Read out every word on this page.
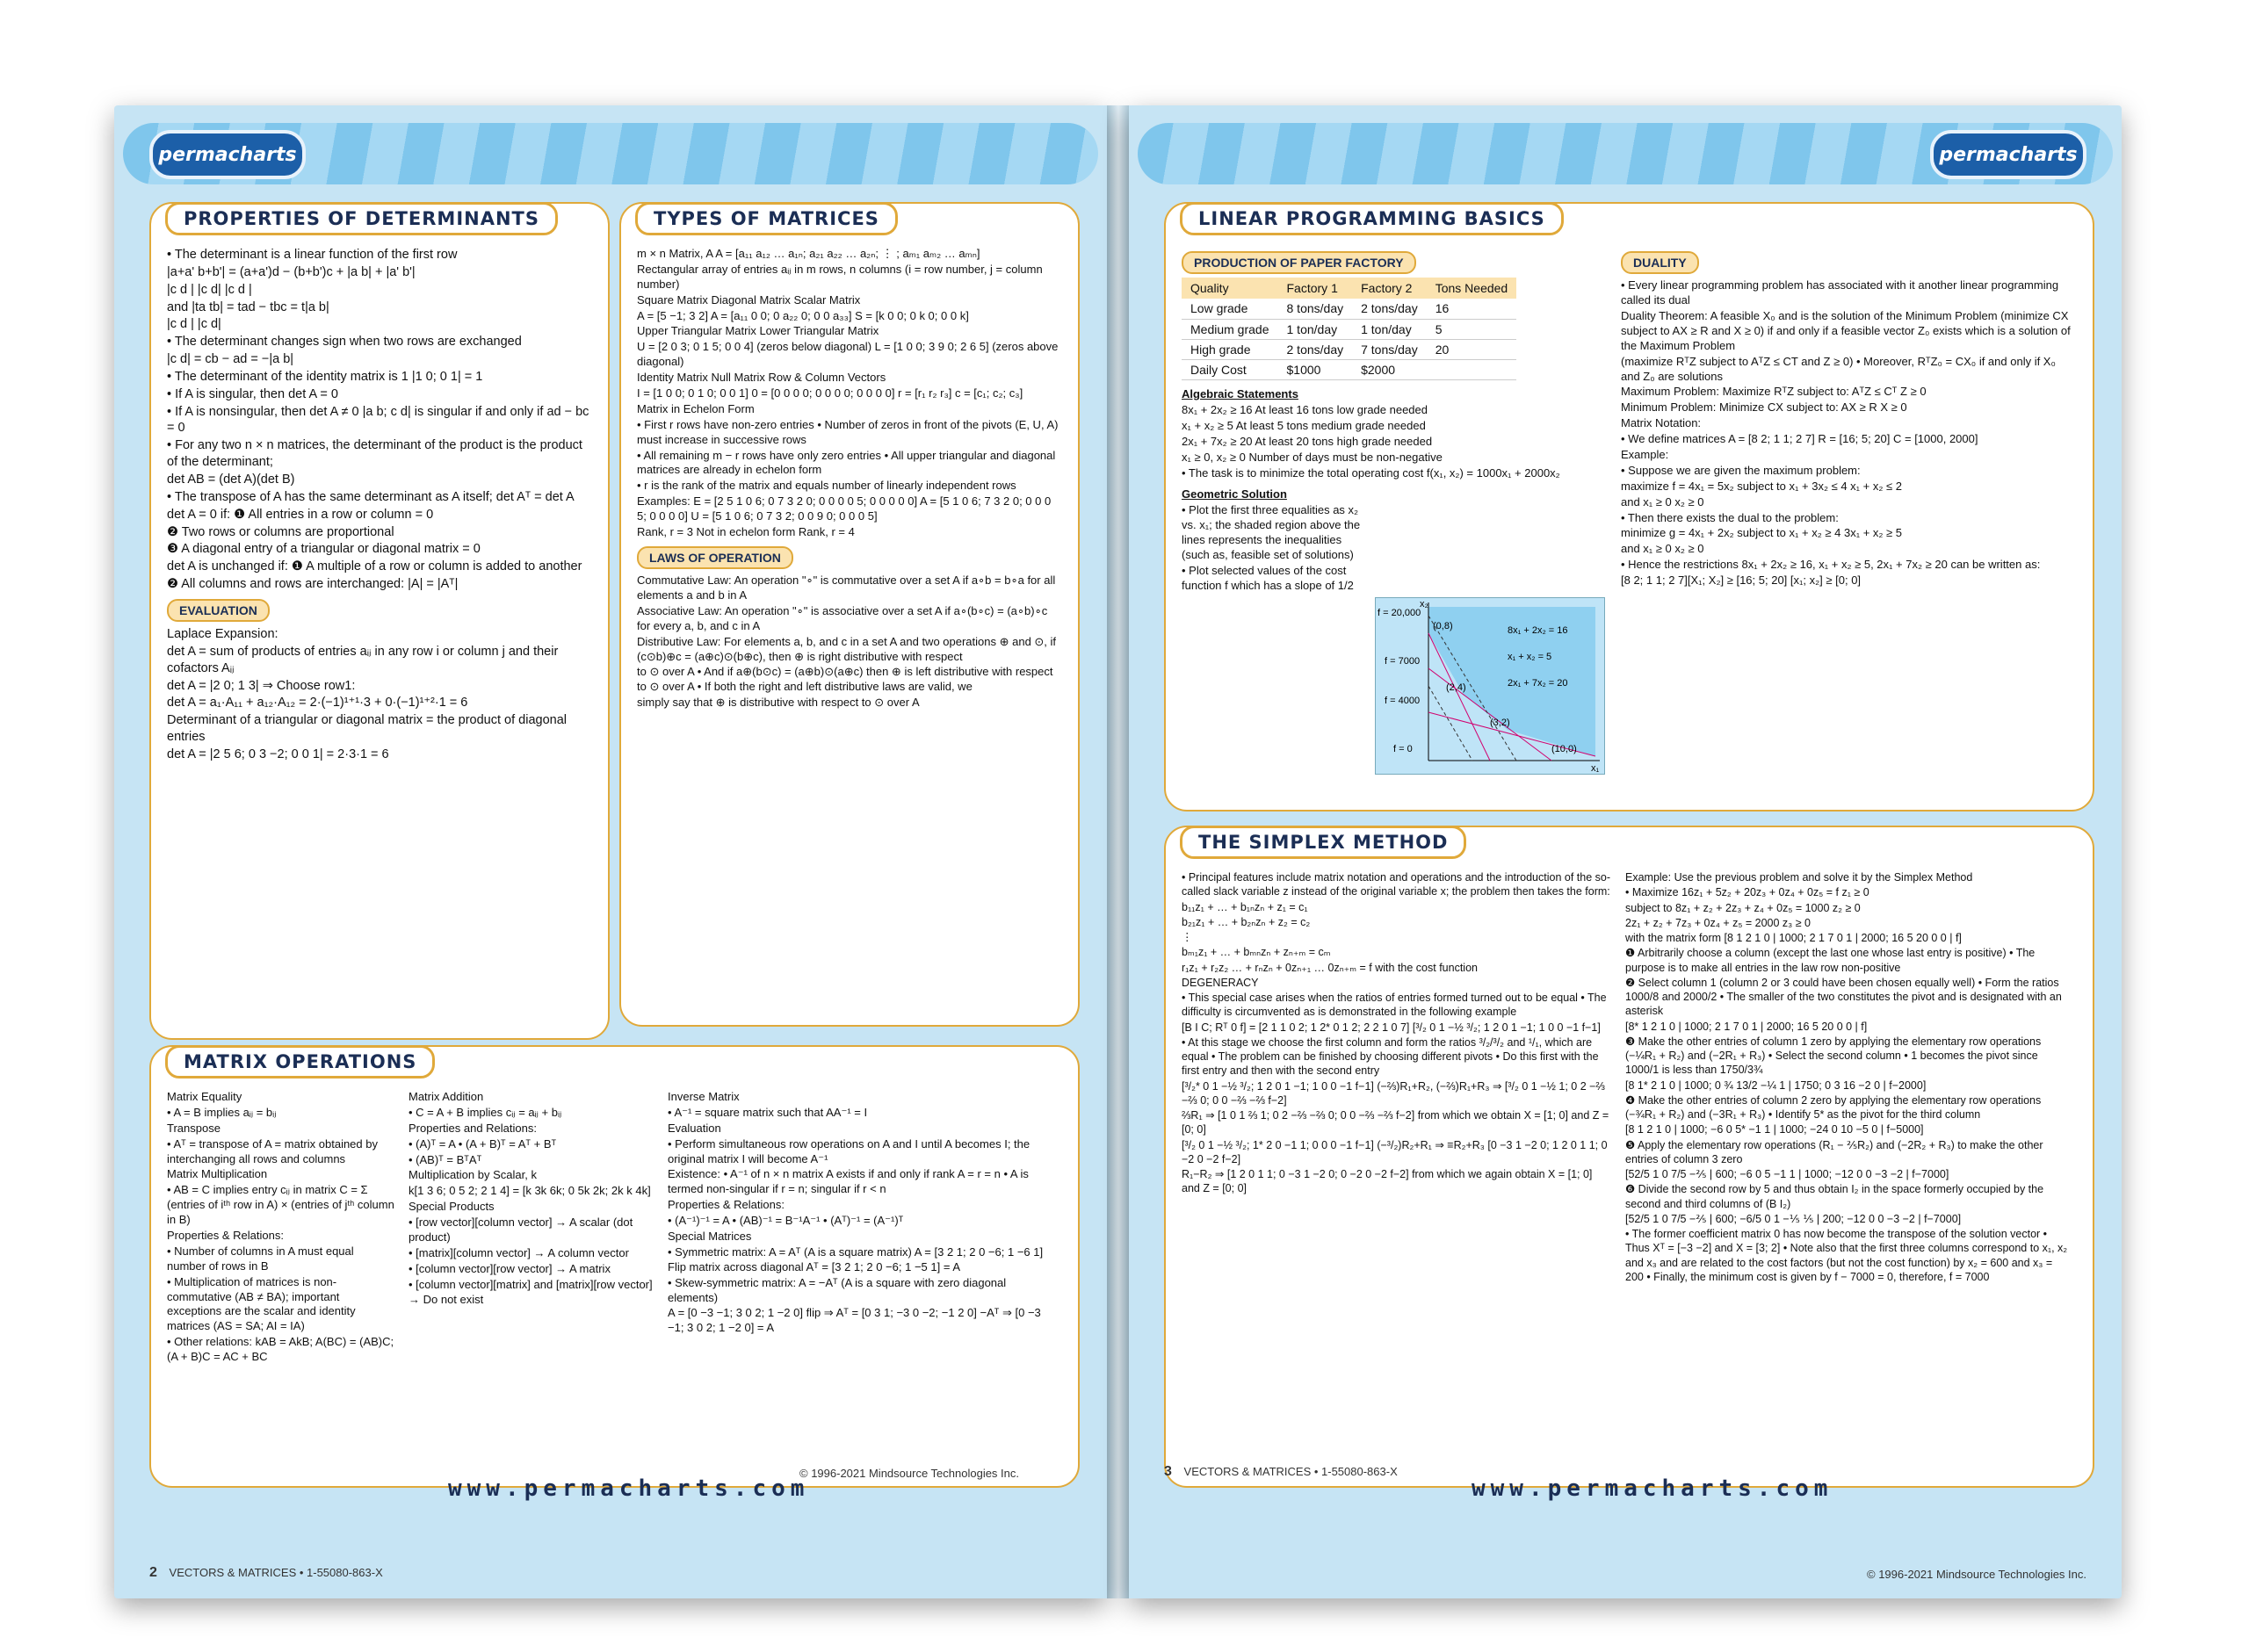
permacharts
PROPERTIES OF DETERMINANTS
• The determinant is a linear function of the first row
|a+a' b+b'| = (a+a')d − (b+b')c + |a b| + |a' b'|
|c d | |c d| |c d |
and |ta tb| = tad − tbc = t|a b|
|c d | |c d|
• The determinant changes sign when two rows are exchanged
|c d| = cb − ad = −|a b|
• The determinant of the identity matrix is 1 |1 0; 0 1| = 1
• If A is singular, then det A = 0
• If A is nonsingular, then det A ≠ 0 |a b; c d| is singular if and only if ad − bc = 0
• For any two n × n matrices, the determinant of the product is the product of the determinant;
det AB = (det A)(det B)
• The transpose of A has the same determinant as A itself; det Aᵀ = det A
det A = 0 if: ❶ All entries in a row or column = 0
❷ Two rows or columns are proportional
❸ A diagonal entry of a triangular or diagonal matrix = 0
det A is unchanged if: ❶ A multiple of a row or column is added to another
❷ All columns and rows are interchanged: |A| = |Aᵀ|
EVALUATION
Laplace Expansion:
det A = sum of products of entries aᵢⱼ in any row i or column j and their cofactors Aᵢⱼ
det A = |2 0; 1 3| ⇒ Choose row1:
det A = a₁·A₁₁ + a₁₂·A₁₂ = 2·(−1)¹⁺¹·3 + 0·(−1)¹⁺²·1 = 6
Determinant of a triangular or diagonal matrix = the product of diagonal entries
det A = |2 5 6; 0 3 −2; 0 0 1| = 2·3·1 = 6
TYPES OF MATRICES
m × n Matrix, A A = [a₁₁ a₁₂ … a₁ₙ; a₂₁ a₂₂ … a₂ₙ; ⋮ ; aₘ₁ aₘ₂ … aₘₙ]
Rectangular array of entries aᵢⱼ in m rows, n columns (i = row number, j = column number)
Square Matrix Diagonal Matrix Scalar Matrix
A = [5 −1; 3 2] A = [a₁₁ 0 0; 0 a₂₂ 0; 0 0 a₃₃] S = [k 0 0; 0 k 0; 0 0 k]
Upper Triangular Matrix Lower Triangular Matrix
U = [2 0 3; 0 1 5; 0 0 4] (zeros below diagonal) L = [1 0 0; 3 9 0; 2 6 5] (zeros above diagonal)
Identity Matrix Null Matrix Row & Column Vectors
I = [1 0 0; 0 1 0; 0 0 1] 0 = [0 0 0 0; 0 0 0 0; 0 0 0 0] r = [r₁ r₂ r₃] c = [c₁; c₂; c₃]
Matrix in Echelon Form
• First r rows have non-zero entries • Number of zeros in front of the pivots (E, U, A) must increase in successive rows
• All remaining m − r rows have only zero entries • All upper triangular and diagonal matrices are already in echelon form
• r is the rank of the matrix and equals number of linearly independent rows
Examples: E = [2 5 1 0 6; 0 7 3 2 0; 0 0 0 0 5; 0 0 0 0 0] A = [5 1 0 6; 7 3 2 0; 0 0 0 5; 0 0 0 0] U = [5 1 0 6; 0 7 3 2; 0 0 9 0; 0 0 0 5]
Rank, r = 3 Not in echelon form Rank, r = 4
LAWS OF OPERATION
Commutative Law: An operation "∘" is commutative over a set A if a∘b = b∘a for all elements a and b in A
Associative Law: An operation "∘" is associative over a set A if a∘(b∘c) = (a∘b)∘c for every a, b, and c in A
Distributive Law: For elements a, b, and c in a set A and two operations ⊕ and ⊙, if (c⊙b)⊕c = (a⊕c)⊙(b⊕c), then ⊕ is right distributive with respect
to ⊙ over A • And if a⊕(b⊙c) = (a⊕b)⊙(a⊕c) then ⊕ is left distributive with respect to ⊙ over A • If both the right and left distributive laws are valid, we
simply say that ⊕ is distributive with respect to ⊙ over A
MATRIX OPERATIONS
Matrix Equality
• A = B implies aᵢⱼ = bᵢⱼ
Transpose
• Aᵀ = transpose of A = matrix obtained by interchanging all rows and columns
Matrix Multiplication
• AB = C implies entry cᵢⱼ in matrix C = Σ (entries of iᵗʰ row in A) × (entries of jᵗʰ column in B)
Properties & Relations:
• Number of columns in A must equal number of rows in B
• Multiplication of matrices is non-commutative (AB ≠ BA); important exceptions are the scalar and identity matrices (AS = SA; AI = IA)
• Other relations: kAB = AkB; A(BC) = (AB)C; (A + B)C = AC + BC
Matrix Addition
• C = A + B implies cᵢⱼ = aᵢⱼ + bᵢⱼ
Properties and Relations:
• (A)ᵀ = A • (A + B)ᵀ = Aᵀ + Bᵀ
• (AB)ᵀ = BᵀAᵀ
Multiplication by Scalar, k
k[1 3 6; 0 5 2; 2 1 4] = [k 3k 6k; 0 5k 2k; 2k k 4k]
Special Products
• [row vector][column vector] → A scalar (dot product)
• [matrix][column vector] → A column vector
• [column vector][row vector] → A matrix
• [column vector][matrix] and [matrix][row vector] → Do not exist
Inverse Matrix
• A⁻¹ = square matrix such that AA⁻¹ = I
Evaluation
• Perform simultaneous row operations on A and I until A becomes I; the original matrix I will become A⁻¹
Existence: • A⁻¹ of n × n matrix A exists if and only if rank A = r = n • A is termed non-singular if r = n; singular if r < n
Properties & Relations:
• (A⁻¹)⁻¹ = A • (AB)⁻¹ = B⁻¹A⁻¹ • (Aᵀ)⁻¹ = (A⁻¹)ᵀ
Special Matrices
• Symmetric matrix: A = Aᵀ (A is a square matrix) A = [3 2 1; 2 0 −6; 1 −6 1] Flip matrix across diagonal Aᵀ = [3 2 1; 2 0 −6; 1 −5 1] = A
• Skew-symmetric matrix: A = −Aᵀ (A is a square with zero diagonal elements)
A = [0 −3 −1; 3 0 2; 1 −2 0] flip ⇒ Aᵀ = [0 3 1; −3 0 −2; −1 2 0] −Aᵀ ⇒ [0 −3 −1; 3 0 2; 1 −2 0] = A
www.permacharts.com
2 VECTORS & MATRICES • 1-55080-863-X
© 1996-2021 Mindsource Technologies Inc.
permacharts
LINEAR PROGRAMMING BASICS
PRODUCTION OF PAPER FACTORY
Quality	Factory 1	Factory 2	Tons Needed
Low grade	8 tons/day	2 tons/day	16
Medium grade	1 ton/day	1 ton/day	5
High grade	2 tons/day	7 tons/day	20
Daily Cost	$1000	$2000	
Algebraic Statements
8x₁ + 2x₂ ≥ 16 At least 16 tons low grade needed
x₁ + x₂ ≥ 5 At least 5 tons medium grade needed
2x₁ + 7x₂ ≥ 20 At least 20 tons high grade needed
x₁ ≥ 0, x₂ ≥ 0 Number of days must be non-negative
• The task is to minimize the total operating cost f(x₁, x₂) = 1000x₁ + 2000x₂
Geometric Solution
• Plot the first three equalities as x₂ vs. x₁; the shaded region above the lines represents the inequalities (such as, feasible set of solutions)
• Plot selected values of the cost function f which has a slope of 1/2
f = 20,000
f = 7000
f = 4000
f = 0
(0,8)
(2,4)
(3,2)
(10,0)
8x₁ + 2x₂ = 16
x₁ + x₂ = 5
2x₁ + 7x₂ = 20
x₂
x₁
DUALITY
• Every linear programming problem has associated with it another linear programming called its dual
Duality Theorem: A feasible X₀ and is the solution of the Minimum Problem (minimize CX subject to AX ≥ R and X ≥ 0) if and only if a feasible vector Z₀ exists which is a solution of the Maximum Problem
(maximize RᵀZ subject to AᵀZ ≤ CT and Z ≥ 0) • Moreover, RᵀZ₀ = CX₀ if and only if X₀ and Z₀ are solutions
Maximum Problem: Maximize RᵀZ subject to: AᵀZ ≤ Cᵀ Z ≥ 0
Minimum Problem: Minimize CX subject to: AX ≥ R X ≥ 0
Matrix Notation:
• We define matrices A = [8 2; 1 1; 2 7] R = [16; 5; 20] C = [1000, 2000]
Example:
• Suppose we are given the maximum problem:
maximize f = 4x₁ = 5x₂ subject to x₁ + 3x₂ ≤ 4 x₁ + x₂ ≤ 2
and x₁ ≥ 0 x₂ ≥ 0
• Then there exists the dual to the problem:
minimize g = 4x₁ + 2x₂ subject to x₁ + x₂ ≥ 4 3x₁ + x₂ ≥ 5
and x₁ ≥ 0 x₂ ≥ 0
• Hence the restrictions 8x₁ + 2x₂ ≥ 16, x₁ + x₂ ≥ 5, 2x₁ + 7x₂ ≥ 20 can be written as:
[8 2; 1 1; 2 7][X₁; X₂] ≥ [16; 5; 20] [x₁; x₂] ≥ [0; 0]
THE SIMPLEX METHOD
• Principal features include matrix notation and operations and the introduction of the so-called slack variable z instead of the original variable x; the problem then takes the form:
b₁₁z₁ + … + b₁ₙzₙ + z₁ = c₁
b₂₁z₁ + … + b₂ₙzₙ + z₂ = c₂
⋮
bₘ₁z₁ + … + bₘₙzₙ + zₙ₊ₘ = cₘ
r₁z₁ + r₂z₂ … + rₙzₙ + 0zₙ₊₁ … 0zₙ₊ₘ = f with the cost function
DEGENERACY
• This special case arises when the ratios of entries formed turned out to be equal • The difficulty is circumvented as is demonstrated in the following example
[B I C; Rᵀ 0 f] = [2 1 1 0 2; 1 2* 0 1 2; 2 2 1 0 7] [³/₂ 0 1 −½ ³/₂; 1 2 0 1 −1; 1 0 0 −1 f−1]
• At this stage we choose the first column and form the ratios ³/₂/³/₂ and ¹/₁, which are equal • The problem can be finished by choosing different pivots • Do this first with the first entry and then with the second entry
[³/₂* 0 1 −½ ³/₂; 1 2 0 1 −1; 1 0 0 −1 f−1] (−⅔)R₁+R₂, (−⅔)R₁+R₃ ⇒ [³/₂ 0 1 −½ 1; 0 2 −⅔ −⅔ 0; 0 0 −⅔ −⅔ f−2]
⅔R₁ ⇒ [1 0 1 ⅔ 1; 0 2 −⅔ −⅔ 0; 0 0 −⅔ −⅔ f−2] from which we obtain X = [1; 0] and Z = [0; 0]
[³/₂ 0 1 −½ ³/₂; 1* 2 0 −1 1; 0 0 0 −1 f−1] (−³/₂)R₂+R₁ ⇒ ≡R₂+R₃ [0 −3 1 −2 0; 1 2 0 1 1; 0 −2 0 −2 f−2]
R₁−R₂ ⇒ [1 2 0 1 1; 0 −3 1 −2 0; 0 −2 0 −2 f−2] from which we again obtain X = [1; 0] and Z = [0; 0]
Example: Use the previous problem and solve it by the Simplex Method
• Maximize 16z₁ + 5z₂ + 20z₃ + 0z₄ + 0z₅ = f z₁ ≥ 0
subject to 8z₁ + z₂ + 2z₃ + z₄ + 0z₅ = 1000 z₂ ≥ 0
2z₁ + z₂ + 7z₃ + 0z₄ + z₅ = 2000 z₃ ≥ 0
with the matrix form [8 1 2 1 0 | 1000; 2 1 7 0 1 | 2000; 16 5 20 0 0 | f]
❶ Arbitrarily choose a column (except the last one whose last entry is positive) • The purpose is to make all entries in the law row non-positive
❷ Select column 1 (column 2 or 3 could have been chosen equally well) • Form the ratios 1000/8 and 2000/2 • The smaller of the two constitutes the pivot and is designated with an asterisk
[8* 1 2 1 0 | 1000; 2 1 7 0 1 | 2000; 16 5 20 0 0 | f]
❸ Make the other entries of column 1 zero by applying the elementary row operations (−¼R₁ + R₂) and (−2R₁ + R₃) • Select the second column • 1 becomes the pivot since 1000/1 is less than 1750/3¾
[8 1* 2 1 0 | 1000; 0 ¾ 13/2 −¼ 1 | 1750; 0 3 16 −2 0 | f−2000]
❹ Make the other entries of column 2 zero by applying the elementary row operations (−¾R₁ + R₂) and (−3R₁ + R₃) • Identify 5* as the pivot for the third column
[8 1 2 1 0 | 1000; −6 0 5* −1 1 | 1000; −24 0 10 −5 0 | f−5000]
❺ Apply the elementary row operations (R₁ − ⅖R₂) and (−2R₂ + R₃) to make the other entries of column 3 zero
[52/5 1 0 7/5 −⅖ | 600; −6 0 5 −1 1 | 1000; −12 0 0 −3 −2 | f−7000]
❻ Divide the second row by 5 and thus obtain I₂ in the space formerly occupied by the second and third columns of (B I₂)
[52/5 1 0 7/5 −⅖ | 600; −6/5 0 1 −⅕ ⅕ | 200; −12 0 0 −3 −2 | f−7000]
• The former coefficient matrix 0 has now become the transpose of the solution vector • Thus Xᵀ = [−3 −2] and X = [3; 2] • Note also that the first three columns correspond to x₁, x₂ and x₃ and are related to the cost factors (but not the cost function) by x₂ = 600 and x₃ = 200 • Finally, the minimum cost is given by f − 7000 = 0, therefore, f = 7000
www.permacharts.com
3 VECTORS & MATRICES • 1-55080-863-X
© 1996-2021 Mindsource Technologies Inc.
